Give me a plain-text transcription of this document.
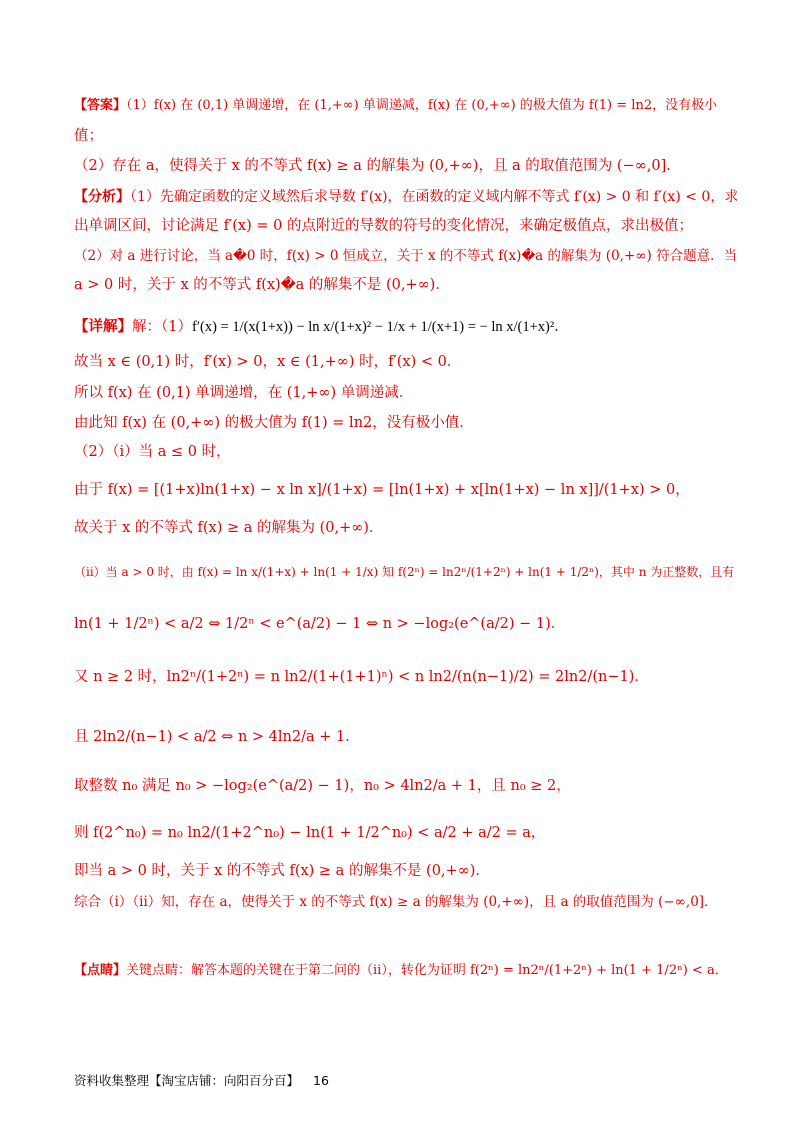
【答案】（1）f(x) 在 (0,1) 单调递增，在 (1,+∞) 单调递减，f(x) 在 (0,+∞) 的极大值为 f(1) = ln2，没有极小
值；
（2）存在 a，使得关于 x 的不等式 f(x) ≥ a 的解集为 (0,+∞)，且 a 的取值范围为 (−∞,0].
【分析】（1）先确定函数的定义域然后求导数 f′(x)，在函数的定义域内解不等式 f′(x) > 0 和 f′(x) < 0，求
出单调区间，讨论满足 f′(x) = 0 的点附近的导数的符号的变化情况，来确定极值点，求出极值；
（2）对 a 进行讨论，当 a�0 时，f(x) > 0 恒成立，关于 x 的不等式 f(x)�a 的解集为 (0,+∞) 符合题意．当
a > 0 时，关于 x 的不等式 f(x)�a 的解集不是 (0,+∞)．
【详解】解：（1）f′(x) = 1/(x(1+x)) − ln x/(1+x)² − 1/x + 1/(x+1) = − ln x/(1+x)²．
故当 x ∈ (0,1) 时，f′(x) > 0，x ∈ (1,+∞) 时，f′(x) < 0．
所以 f(x) 在 (0,1) 单调递增，在 (1,+∞) 单调递减．
由此知 f(x) 在 (0,+∞) 的极大值为 f(1) = ln2，没有极小值．
（2）（ⅰ）当 a ≤ 0 时，
由于 f(x) = [(1+x)ln(1+x) − x ln x]/(1+x) = [ln(1+x) + x[ln(1+x) − ln x]]/(1+x) > 0，
故关于 x 的不等式 f(x) ≥ a 的解集为 (0,+∞)．
（ⅱ）当 a > 0 时，由 f(x) = ln x/(1+x) + ln(1 + 1/x) 知 f(2ⁿ) = ln2ⁿ/(1+2ⁿ) + ln(1 + 1/2ⁿ)，其中 n 为正整数，且有
ln(1 + 1/2ⁿ) < a/2 ⇔ 1/2ⁿ < e^(a/2) − 1 ⇔ n > −log₂(e^(a/2) − 1)．
又 n ≥ 2 时，ln2ⁿ/(1+2ⁿ) = n ln2/(1+(1+1)ⁿ) < n ln2/(n(n−1)/2) = 2ln2/(n−1)．
且 2ln2/(n−1) < a/2 ⇔ n > 4ln2/a + 1．
取整数 n₀ 满足 n₀ > −log₂(e^(a/2) − 1)，n₀ > 4ln2/a + 1，且 n₀ ≥ 2，
则 f(2^n₀) = n₀ ln2/(1+2^n₀) − ln(1 + 1/2^n₀) < a/2 + a/2 = a，
即当 a > 0 时，关于 x 的不等式 f(x) ≥ a 的解集不是 (0,+∞)．
综合（ⅰ）（ⅱ）知，存在 a，使得关于 x 的不等式 f(x) ≥ a 的解集为 (0,+∞)，且 a 的取值范围为 (−∞,0]．
【点睛】关键点睛：解答本题的关键在于第二问的（ⅱ），转化为证明 f(2ⁿ) = ln2ⁿ/(1+2ⁿ) + ln(1 + 1/2ⁿ) < a．
资料收集整理【淘宝店铺：向阳百分百】 16
